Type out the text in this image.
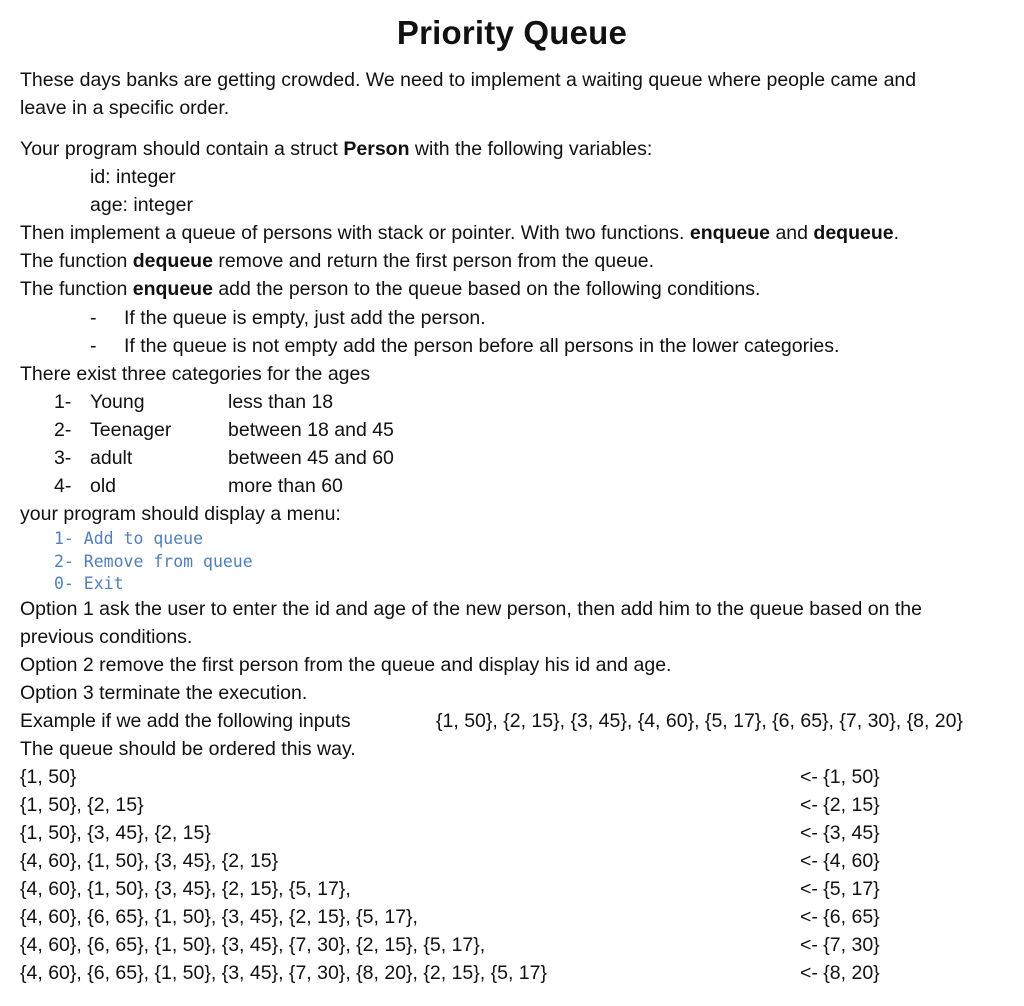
Priority Queue
These days banks are getting crowded. We need to implement a waiting queue where people came and
leave in a specific order.
Your program should contain a struct Person with the following variables:
id: integer
age: integer
Then implement a queue of persons with stack or pointer. With two functions. enqueue and dequeue.
The function dequeue remove and return the first person from the queue.
The function enqueue add the person to the queue based on the following conditions.
- If the queue is empty, just add the person.
- If the queue is not empty add the person before all persons in the lower categories.
There exist three categories for the ages
1- Young	less than 18
2- Teenager	between 18 and 45
3- adult	between 45 and 60
4- old	more than 60
your program should display a menu:
1- Add to queue
2- Remove from queue
0- Exit
Option 1 ask the user to enter the id and age of the new person, then add him to the queue based on the
previous conditions.
Option 2 remove the first person from the queue and display his id and age.
Option 3 terminate the execution.
Example if we add the following inputs	{1, 50}, {2, 15}, {3, 45}, {4, 60}, {5, 17}, {6, 65}, {7, 30}, {8, 20}
The queue should be ordered this way.
{1, 50}	<- {1, 50}
{1, 50}, {2, 15}	<- {2, 15}
{1, 50}, {3, 45}, {2, 15}	<- {3, 45}
{4, 60}, {1, 50}, {3, 45}, {2, 15}	<- {4, 60}
{4, 60}, {1, 50}, {3, 45}, {2, 15}, {5, 17},	<- {5, 17}
{4, 60}, {6, 65}, {1, 50}, {3, 45}, {2, 15}, {5, 17},	<- {6, 65}
{4, 60}, {6, 65}, {1, 50}, {3, 45}, {7, 30}, {2, 15}, {5, 17},	<- {7, 30}
{4, 60}, {6, 65}, {1, 50}, {3, 45}, {7, 30}, {8, 20}, {2, 15}, {5, 17}	<- {8, 20}
